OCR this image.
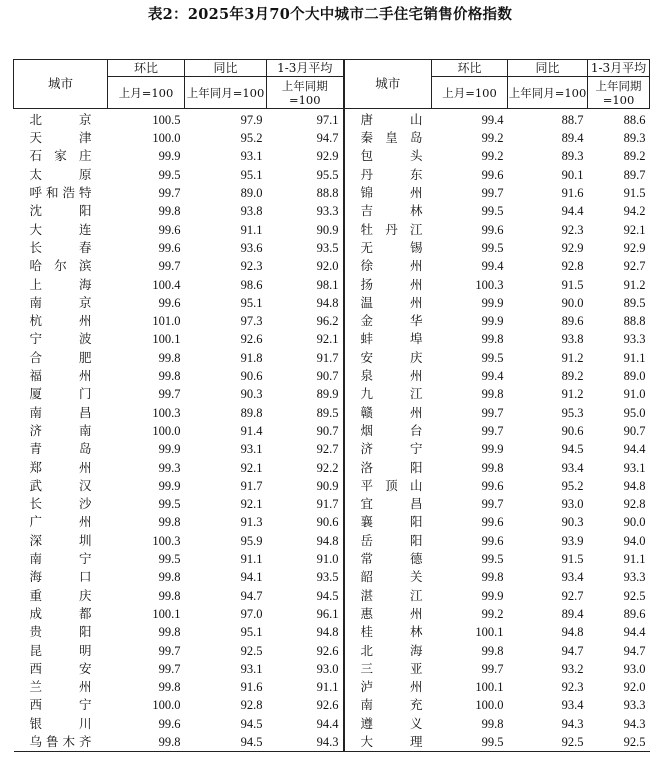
表2：2025年3月70个大中城市二手住宅销售价格指数
城市	环比	同比	1-3月平均	城市	环比	同比	1-3月平均
	上月=100	上年同月=100	上年同期=100		上月=100	上年同月=100	上年同期=100

北 京	100.5	97.9	97.1	唐 山	99.4	88.7	88.6

天 津	100.0	95.2	94.7	秦 皇 岛	99.2	89.4	89.3

石 家 庄	99.9	93.1	92.9	包 头	99.2	89.3	89.2

太 原	99.5	95.1	95.5	丹 东	99.6	90.1	89.7

呼 和 浩 特	99.7	89.0	88.8	锦 州	99.7	91.6	91.5

沈 阳	99.8	93.8	93.3	吉 林	99.5	94.4	94.2

大 连	99.6	91.1	90.9	牡 丹 江	99.6	92.3	92.1

长 春	99.6	93.6	93.5	无 锡	99.5	92.9	92.9

哈 尔 滨	99.7	92.3	92.0	徐 州	99.4	92.8	92.7

上 海	100.4	98.6	98.1	扬 州	100.3	91.5	91.2

南 京	99.6	95.1	94.8	温 州	99.9	90.0	89.5

杭 州	101.0	97.3	96.2	金 华	99.9	89.6	88.8

宁 波	100.1	92.6	92.1	蚌 埠	99.8	93.8	93.3

合 肥	99.8	91.8	91.7	安 庆	99.5	91.2	91.1

福 州	99.8	90.6	90.7	泉 州	99.4	89.2	89.0

厦 门	99.7	90.3	89.9	九 江	99.8	91.2	91.0

南 昌	100.3	89.8	89.5	赣 州	99.7	95.3	95.0

济 南	100.0	91.4	90.7	烟 台	99.7	90.6	90.7

青 岛	99.9	93.1	92.7	济 宁	99.9	94.5	94.4

郑 州	99.3	92.1	92.2	洛 阳	99.8	93.4	93.1

武 汉	99.9	91.7	90.9	平 顶 山	99.6	95.2	94.8

长 沙	99.5	92.1	91.7	宜 昌	99.7	93.0	92.8

广 州	99.8	91.3	90.6	襄 阳	99.6	90.3	90.0

深 圳	100.3	95.9	94.8	岳 阳	99.6	93.9	94.0

南 宁	99.5	91.1	91.0	常 德	99.5	91.5	91.1

海 口	99.8	94.1	93.5	韶 关	99.8	93.4	93.3

重 庆	99.8	94.7	94.5	湛 江	99.9	92.7	92.5

成 都	100.1	97.0	96.1	惠 州	99.2	89.4	89.6

贵 阳	99.8	95.1	94.8	桂 林	100.1	94.8	94.4

昆 明	99.7	92.5	92.6	北 海	99.8	94.7	94.7

西 安	99.7	93.1	93.0	三 亚	99.7	93.2	93.0

兰 州	99.8	91.6	91.1	泸 州	100.1	92.3	92.0

西 宁	100.0	92.8	92.6	南 充	100.0	93.4	93.3

银 川	99.6	94.5	94.4	遵 义	99.8	94.3	94.3

乌 鲁 木 齐	99.8	94.5	94.3	大 理	99.5	92.5	92.5
